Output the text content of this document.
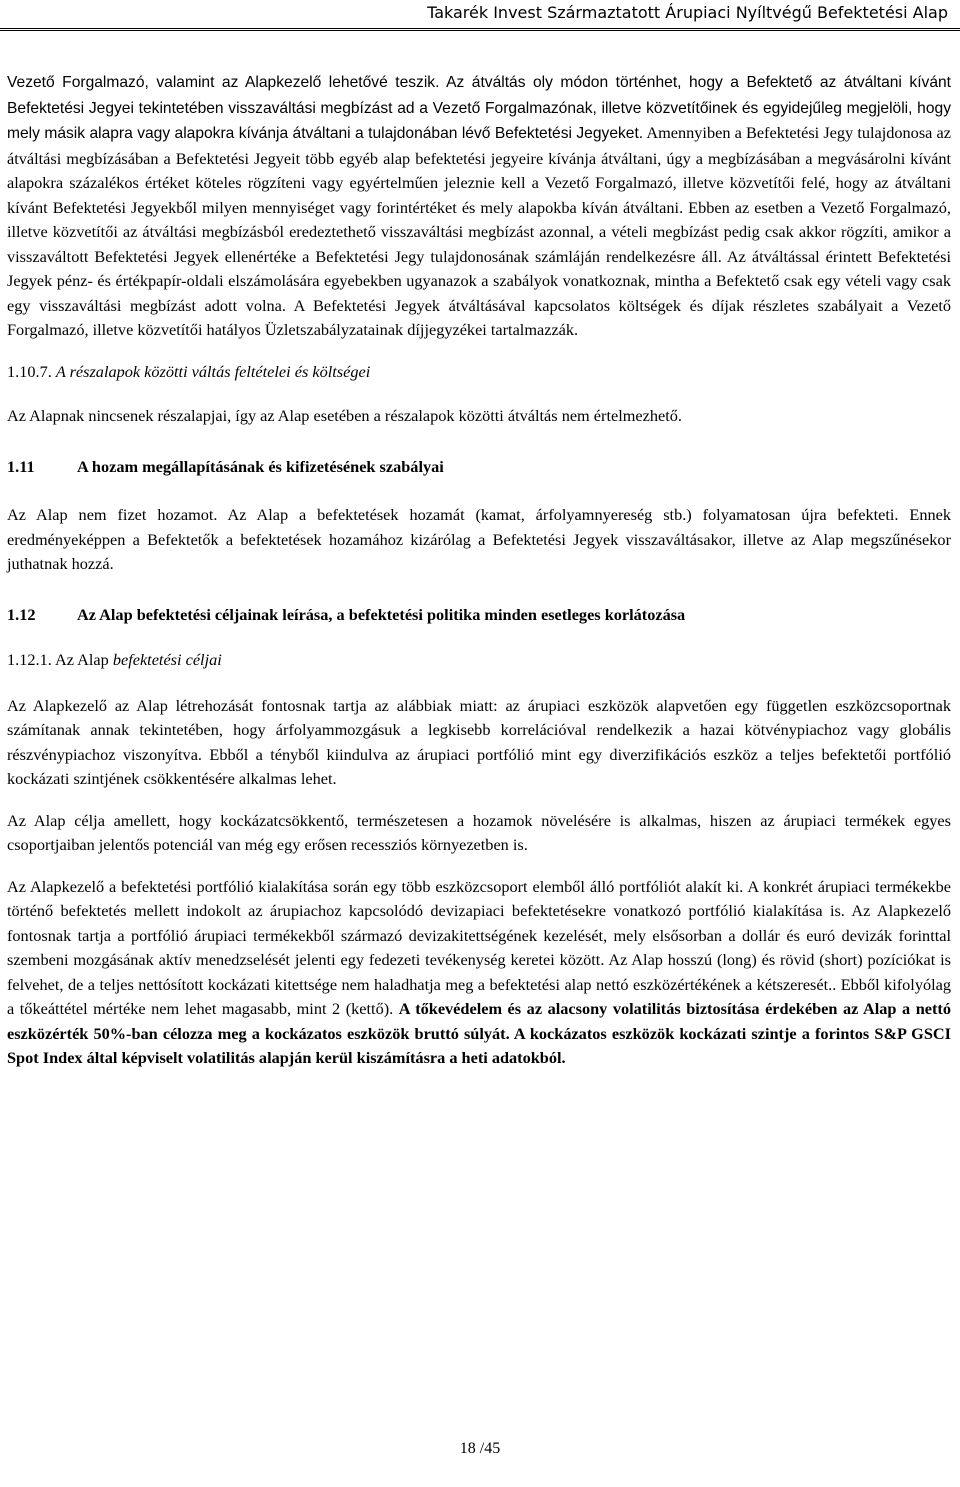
Takarék Invest Származtatott Árupiaci Nyíltvégű Befektetési Alap

Vezető Forgalmazó, valamint az Alapkezelő lehetővé teszik. Az átváltás oly módon történhet, hogy a Befektető az átváltani kívánt Befektetési Jegyei tekintetében visszaváltási megbízást ad a Vezető Forgalmazónak, illetve közvetítőinek és egyidejűleg megjelöli, hogy mely másik alapra vagy alapokra kívánja átváltani a tulajdonában lévő Befektetési Jegyeket. Amennyiben a Befektetési Jegy tulajdonosa az átváltási megbízásában a Befektetési Jegyeit több egyéb alap befektetési jegyeire kívánja átváltani, úgy a megbízásában a megvásárolni kívánt alapokra százalékos értéket köteles rögzíteni vagy egyértelműen jeleznie kell a Vezető Forgalmazó, illetve közvetítői felé, hogy az átváltani kívánt Befektetési Jegyekből milyen mennyiséget vagy forintértéket és mely alapokba kíván átváltani. Ebben az esetben a Vezető Forgalmazó, illetve közvetítői az átváltási megbízásból eredeztethető visszaváltási megbízást azonnal, a vételi megbízást pedig csak akkor rögzíti, amikor a visszaváltott Befektetési Jegyek ellenértéke a Befektetési Jegy tulajdonosának számláján rendelkezésre áll. Az átváltással érintett Befektetési Jegyek pénz- és értékpapír-oldali elszámolására egyebekben ugyanazok a szabályok vonatkoznak, mintha a Befektető csak egy vételi vagy csak egy visszaváltási megbízást adott volna. A Befektetési Jegyek átváltásával kapcsolatos költségek és díjak részletes szabályait a Vezető Forgalmazó, illetve közvetítői hatályos Üzletszabályzatainak díjjegyzékei tartalmazzák.

1.10.7. A részalapok közötti váltás feltételei és költségei

Az Alapnak nincsenek részalapjai, így az Alap esetében a részalapok közötti átváltás nem értelmezhető.

1.11	A hozam megállapításának és kifizetésének szabályai

Az Alap nem fizet hozamot. Az Alap a befektetések hozamát (kamat, árfolyamnyereség stb.) folyamatosan újra befekteti. Ennek eredményeképpen a Befektetők a befektetések hozamához kizárólag a Befektetési Jegyek visszaváltásakor, illetve az Alap megszűnésekor juthatnak hozzá.

1.12	Az Alap befektetési céljainak leírása, a befektetési politika minden esetleges korlátozása

1.12.1. Az Alap befektetési céljai

Az Alapkezelő az Alap létrehozását fontosnak tartja az alábbiak miatt: az árupiaci eszközök alapvetően egy független eszközcsoportnak számítanak annak tekintetében, hogy árfolyammozgásuk a legkisebb korrelációval rendelkezik a hazai kötvénypiachoz vagy globális részvénypiachoz viszonyítva. Ebből a tényből kiindulva az árupiaci portfólió mint egy diverzifikációs eszköz a teljes befektetői portfólió kockázati szintjének csökkentésére alkalmas lehet.

Az Alap célja amellett, hogy kockázatcsökkentő, természetesen a hozamok növelésére is alkalmas, hiszen az árupiaci termékek egyes csoportjaiban jelentős potenciál van még egy erősen recessziós környezetben is.

Az Alapkezelő a befektetési portfólió kialakítása során egy több eszközcsoport elemből álló portfóliót alakít ki. A konkrét árupiaci termékekbe történő befektetés mellett indokolt az árupiachoz kapcsolódó devizapiaci befektetésekre vonatkozó portfólió kialakítása is. Az Alapkezelő fontosnak tartja a portfólió árupiaci termékekből származó devizakitettségének kezelését, mely elsősorban a dollár és euró devizák forinttal szembeni mozgásának aktív menedzselését jelenti egy fedezeti tevékenység keretei között. Az Alap hosszú (long) és rövid (short) pozíciókat is felvehet, de a teljes nettósított kockázati kitettsége nem haladhatja meg a befektetési alap nettó eszközértékének a kétszeresét.. Ebből kifolyólag a tőkeáttétel mértéke nem lehet magasabb, mint 2 (kettő). A tőkevédelem és az alacsony volatilitás biztosítása érdekében az Alap a nettó eszközérték 50%-ban célozza meg a kockázatos eszközök bruttó súlyát. A kockázatos eszközök kockázati szintje a forintos S&P GSCI Spot Index által képviselt volatilitás alapján kerül kiszámításra a heti adatokból.

18 /45
